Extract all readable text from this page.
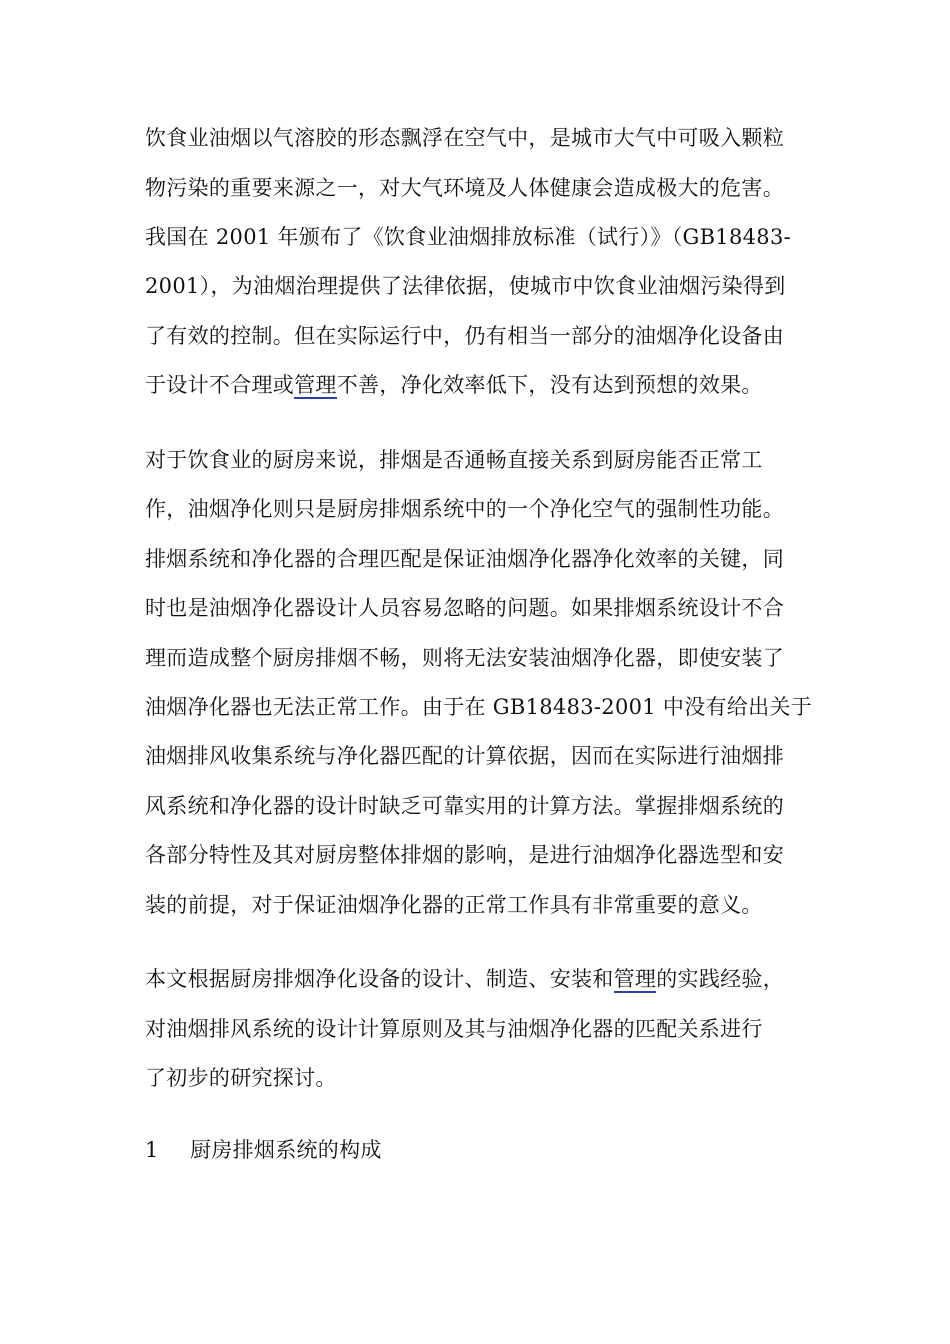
饮食业油烟以气溶胶的形态飘浮在空气中，是城市大气中可吸入颗粒
物污染的重要来源之一，对大气环境及人体健康会造成极大的危害。
我国在 2001 年颁布了《饮食业油烟排放标准（试行）》（GB18483-
2001），为油烟治理提供了法律依据，使城市中饮食业油烟污染得到
了有效的控制。但在实际运行中，仍有相当一部分的油烟净化设备由
于设计不合理或管理不善，净化效率低下，没有达到预想的效果。
对于饮食业的厨房来说，排烟是否通畅直接关系到厨房能否正常工
作，油烟净化则只是厨房排烟系统中的一个净化空气的强制性功能。
排烟系统和净化器的合理匹配是保证油烟净化器净化效率的关键，同
时也是油烟净化器设计人员容易忽略的问题。如果排烟系统设计不合
理而造成整个厨房排烟不畅，则将无法安装油烟净化器，即使安装了
油烟净化器也无法正常工作。由于在 GB18483-2001 中没有给出关于
油烟排风收集系统与净化器匹配的计算依据，因而在实际进行油烟排
风系统和净化器的设计时缺乏可靠实用的计算方法。掌握排烟系统的
各部分特性及其对厨房整体排烟的影响，是进行油烟净化器选型和安
装的前提，对于保证油烟净化器的正常工作具有非常重要的意义。
本文根据厨房排烟净化设备的设计、制造、安装和管理的实践经验，
对油烟排风系统的设计计算原则及其与油烟净化器的匹配关系进行
了初步的研究探讨。
1 厨房排烟系统的构成
